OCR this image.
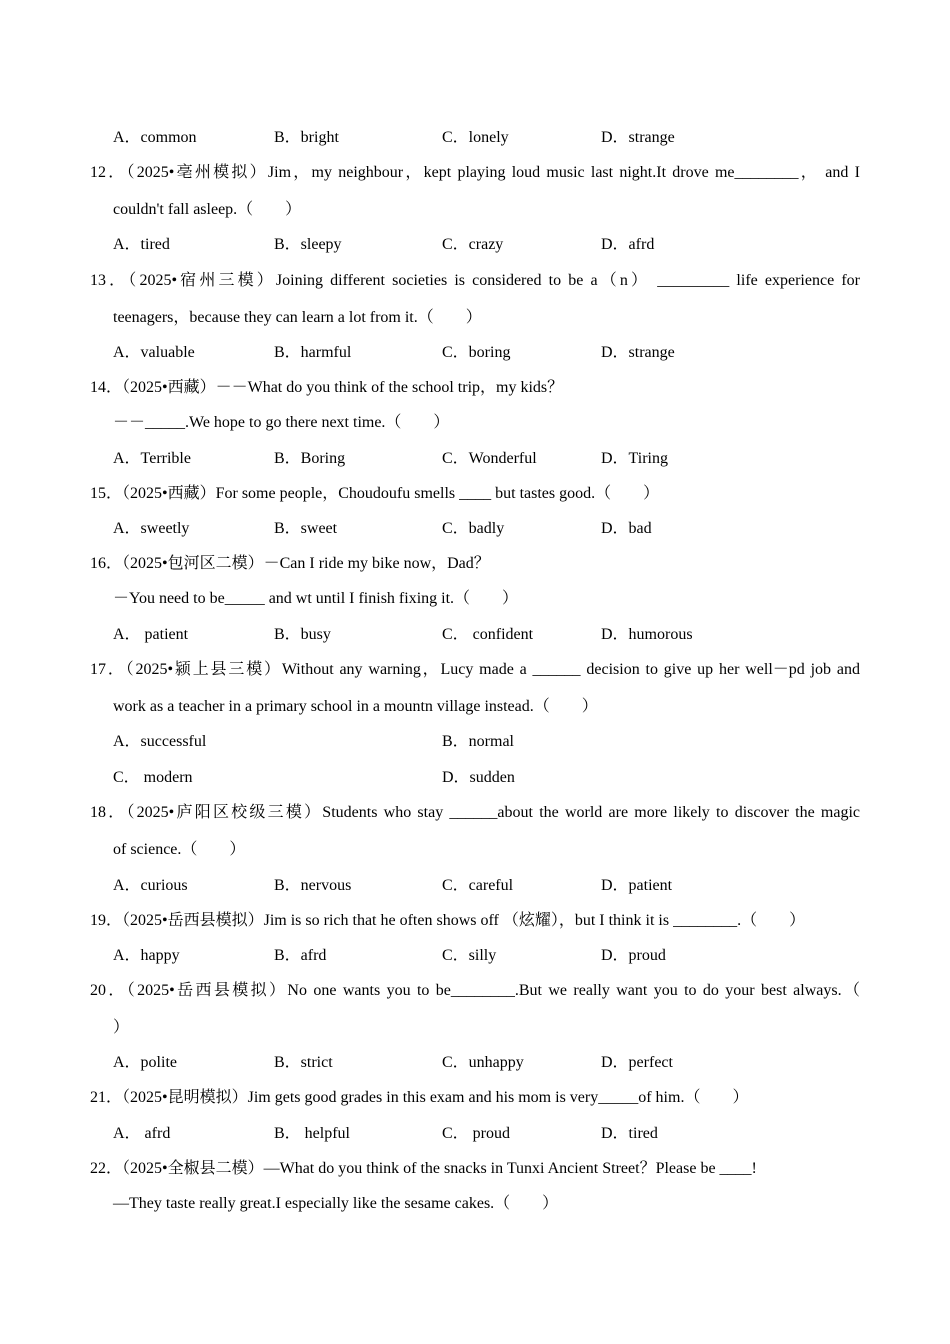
A．common	B．bright	C．lonely	D．strange
12．（2025•亳州模拟）Jim，my neighbour，kept playing loud music last night.It drove me________， and I
couldn't fall asleep.（　　）
A．tired	B．sleepy	C．crazy	D．afrd
13．（2025•宿州三模）Joining different societies is considered to be a（n） _________ life experience for
teenagers，because they can learn a lot from it.（　　）
A．valuable	B．harmful	C．boring	D．strange
14．（2025•西藏）－－What do you think of the school trip，my kids？
－－_____.We hope to go there next time.（　　）
A．Terrible	B．Boring	C．Wonderful	D．Tiring
15．（2025•西藏）For some people，Choudoufu smells ____ but tastes good.（　　）
A．sweetly	B．sweet	C．badly	D．bad
16．（2025•包河区二模）－Can I ride my bike now，Dad？
－You need to be_____ and wt until I finish fixing it.（　　）
A． patient	B．busy	C． confident	D．humorous
17．（2025•颍上县三模）Without any warning，Lucy made a ______ decision to give up her well－pd job and
work as a teacher in a primary school in a mountn village instead.（　　）
A．successful	B．normal
C． modern	D．sudden
18．（2025•庐阳区校级三模）Students who stay ______about the world are more likely to discover the magic
of science.（　　）
A．curious	B．nervous	C．careful	D．patient
19．（2025•岳西县模拟）Jim is so rich that he often shows off （炫耀），but I think it is ________.（　　）
A．happy	B．afrd	C．silly	D．proud
20．（2025•岳西县模拟）No one wants you to be________.But we really want you to do your best always.（
）
A．polite	B．strict	C．unhappy	D．perfect
21．（2025•昆明模拟）Jim gets good grades in this exam and his mom is very_____of him.（　　）
A． afrd	B． helpful	C． proud	D．tired
22．（2025•全椒县二模）—What do you think of the snacks in Tunxi Ancient Street？Please be ____!
—They taste really great.I especially like the sesame cakes.（　　）
